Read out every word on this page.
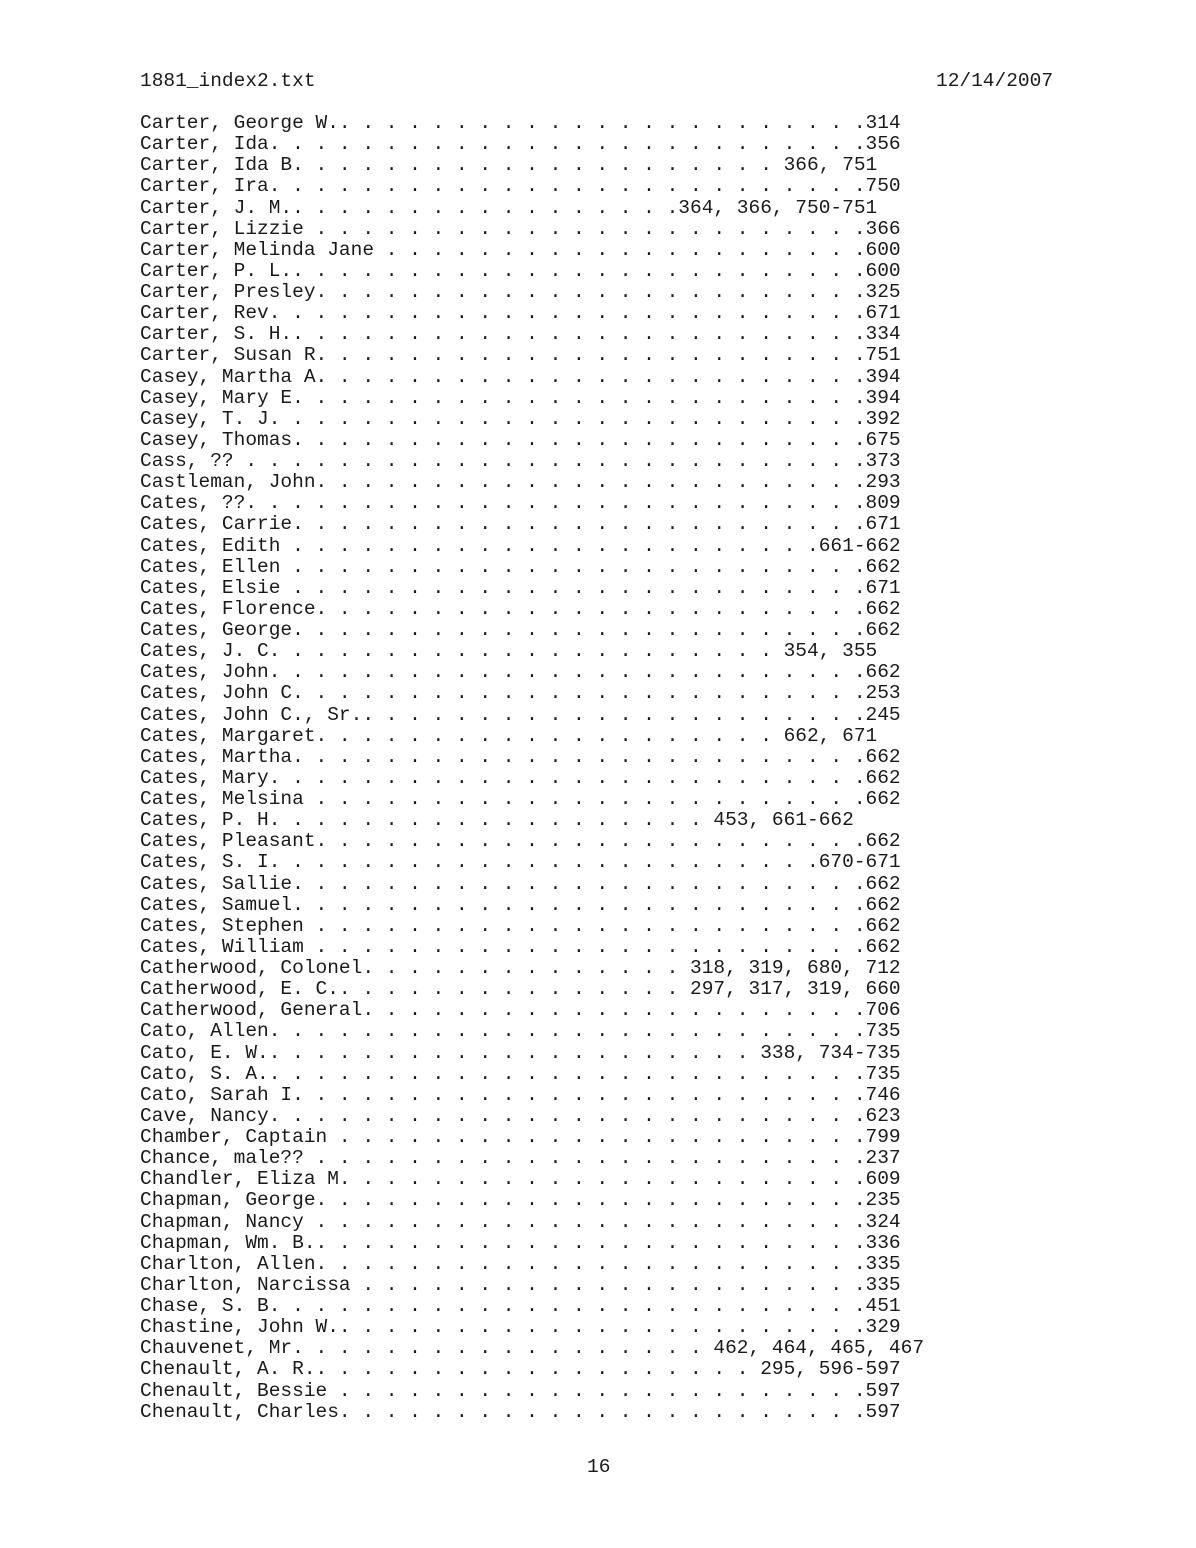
1881_index2.txt	12/14/2007
Carter, George W.. . . . . . . . . . . . . . . . . . . . . . .314
Carter, Ida. . . . . . . . . . . . . . . . . . . . . . . . . .356
Carter, Ida B. . . . . . . . . . . . . . . . . . . . . 366, 751
Carter, Ira. . . . . . . . . . . . . . . . . . . . . . . . . .750
Carter, J. M.. . . . . . . . . . . . . . . . .364, 366, 750-751
Carter, Lizzie . . . . . . . . . . . . . . . . . . . . . . . .366
Carter, Melinda Jane . . . . . . . . . . . . . . . . . . . . .600
Carter, P. L.. . . . . . . . . . . . . . . . . . . . . . . . .600
Carter, Presley. . . . . . . . . . . . . . . . . . . . . . . .325
Carter, Rev. . . . . . . . . . . . . . . . . . . . . . . . . .671
Carter, S. H.. . . . . . . . . . . . . . . . . . . . . . . . .334
Carter, Susan R. . . . . . . . . . . . . . . . . . . . . . . .751
Casey, Martha A. . . . . . . . . . . . . . . . . . . . . . . .394
Casey, Mary E. . . . . . . . . . . . . . . . . . . . . . . . .394
Casey, T. J. . . . . . . . . . . . . . . . . . . . . . . . . .392
Casey, Thomas. . . . . . . . . . . . . . . . . . . . . . . . .675
Cass, ?? . . . . . . . . . . . . . . . . . . . . . . . . . . .373
Castleman, John. . . . . . . . . . . . . . . . . . . . . . . .293
Cates, ??. . . . . . . . . . . . . . . . . . . . . . . . . . .809
Cates, Carrie. . . . . . . . . . . . . . . . . . . . . . . . .671
Cates, Edith . . . . . . . . . . . . . . . . . . . . . . .661-662
Cates, Ellen . . . . . . . . . . . . . . . . . . . . . . . . .662
Cates, Elsie . . . . . . . . . . . . . . . . . . . . . . . . .671
Cates, Florence. . . . . . . . . . . . . . . . . . . . . . . .662
Cates, George. . . . . . . . . . . . . . . . . . . . . . . . .662
Cates, J. C. . . . . . . . . . . . . . . . . . . . . . 354, 355
Cates, John. . . . . . . . . . . . . . . . . . . . . . . . . .662
Cates, John C. . . . . . . . . . . . . . . . . . . . . . . . .253
Cates, John C., Sr.. . . . . . . . . . . . . . . . . . . . . .245
Cates, Margaret. . . . . . . . . . . . . . . . . . . . 662, 671
Cates, Martha. . . . . . . . . . . . . . . . . . . . . . . . .662
Cates, Mary. . . . . . . . . . . . . . . . . . . . . . . . . .662
Cates, Melsina . . . . . . . . . . . . . . . . . . . . . . . .662
Cates, P. H. . . . . . . . . . . . . . . . . . . 453, 661-662
Cates, Pleasant. . . . . . . . . . . . . . . . . . . . . . . .662
Cates, S. I. . . . . . . . . . . . . . . . . . . . . . . .670-671
Cates, Sallie. . . . . . . . . . . . . . . . . . . . . . . . .662
Cates, Samuel. . . . . . . . . . . . . . . . . . . . . . . . .662
Cates, Stephen . . . . . . . . . . . . . . . . . . . . . . . .662
Cates, William . . . . . . . . . . . . . . . . . . . . . . . .662
Catherwood, Colonel. . . . . . . . . . . . . . 318, 319, 680, 712
Catherwood, E. C.. . . . . . . . . . . . . . . 297, 317, 319, 660
Catherwood, General. . . . . . . . . . . . . . . . . . . . . .706
Cato, Allen. . . . . . . . . . . . . . . . . . . . . . . . . .735
Cato, E. W.. . . . . . . . . . . . . . . . . . . . . 338, 734-735
Cato, S. A.. . . . . . . . . . . . . . . . . . . . . . . . . .735
Cato, Sarah I. . . . . . . . . . . . . . . . . . . . . . . . .746
Cave, Nancy. . . . . . . . . . . . . . . . . . . . . . . . . .623
Chamber, Captain . . . . . . . . . . . . . . . . . . . . . . .799
Chance, male?? . . . . . . . . . . . . . . . . . . . . . . . .237
Chandler, Eliza M. . . . . . . . . . . . . . . . . . . . . . .609
Chapman, George. . . . . . . . . . . . . . . . . . . . . . . .235
Chapman, Nancy . . . . . . . . . . . . . . . . . . . . . . . .324
Chapman, Wm. B.. . . . . . . . . . . . . . . . . . . . . . . .336
Charlton, Allen. . . . . . . . . . . . . . . . . . . . . . . .335
Charlton, Narcissa . . . . . . . . . . . . . . . . . . . . . .335
Chase, S. B. . . . . . . . . . . . . . . . . . . . . . . . . .451
Chastine, John W.. . . . . . . . . . . . . . . . . . . . . . .329
Chauvenet, Mr. . . . . . . . . . . . . . . . . . 462, 464, 465, 467
Chenault, A. R.. . . . . . . . . . . . . . . . . . . 295, 596-597
Chenault, Bessie . . . . . . . . . . . . . . . . . . . . . . .597
Chenault, Charles. . . . . . . . . . . . . . . . . . . . . . .597
16
